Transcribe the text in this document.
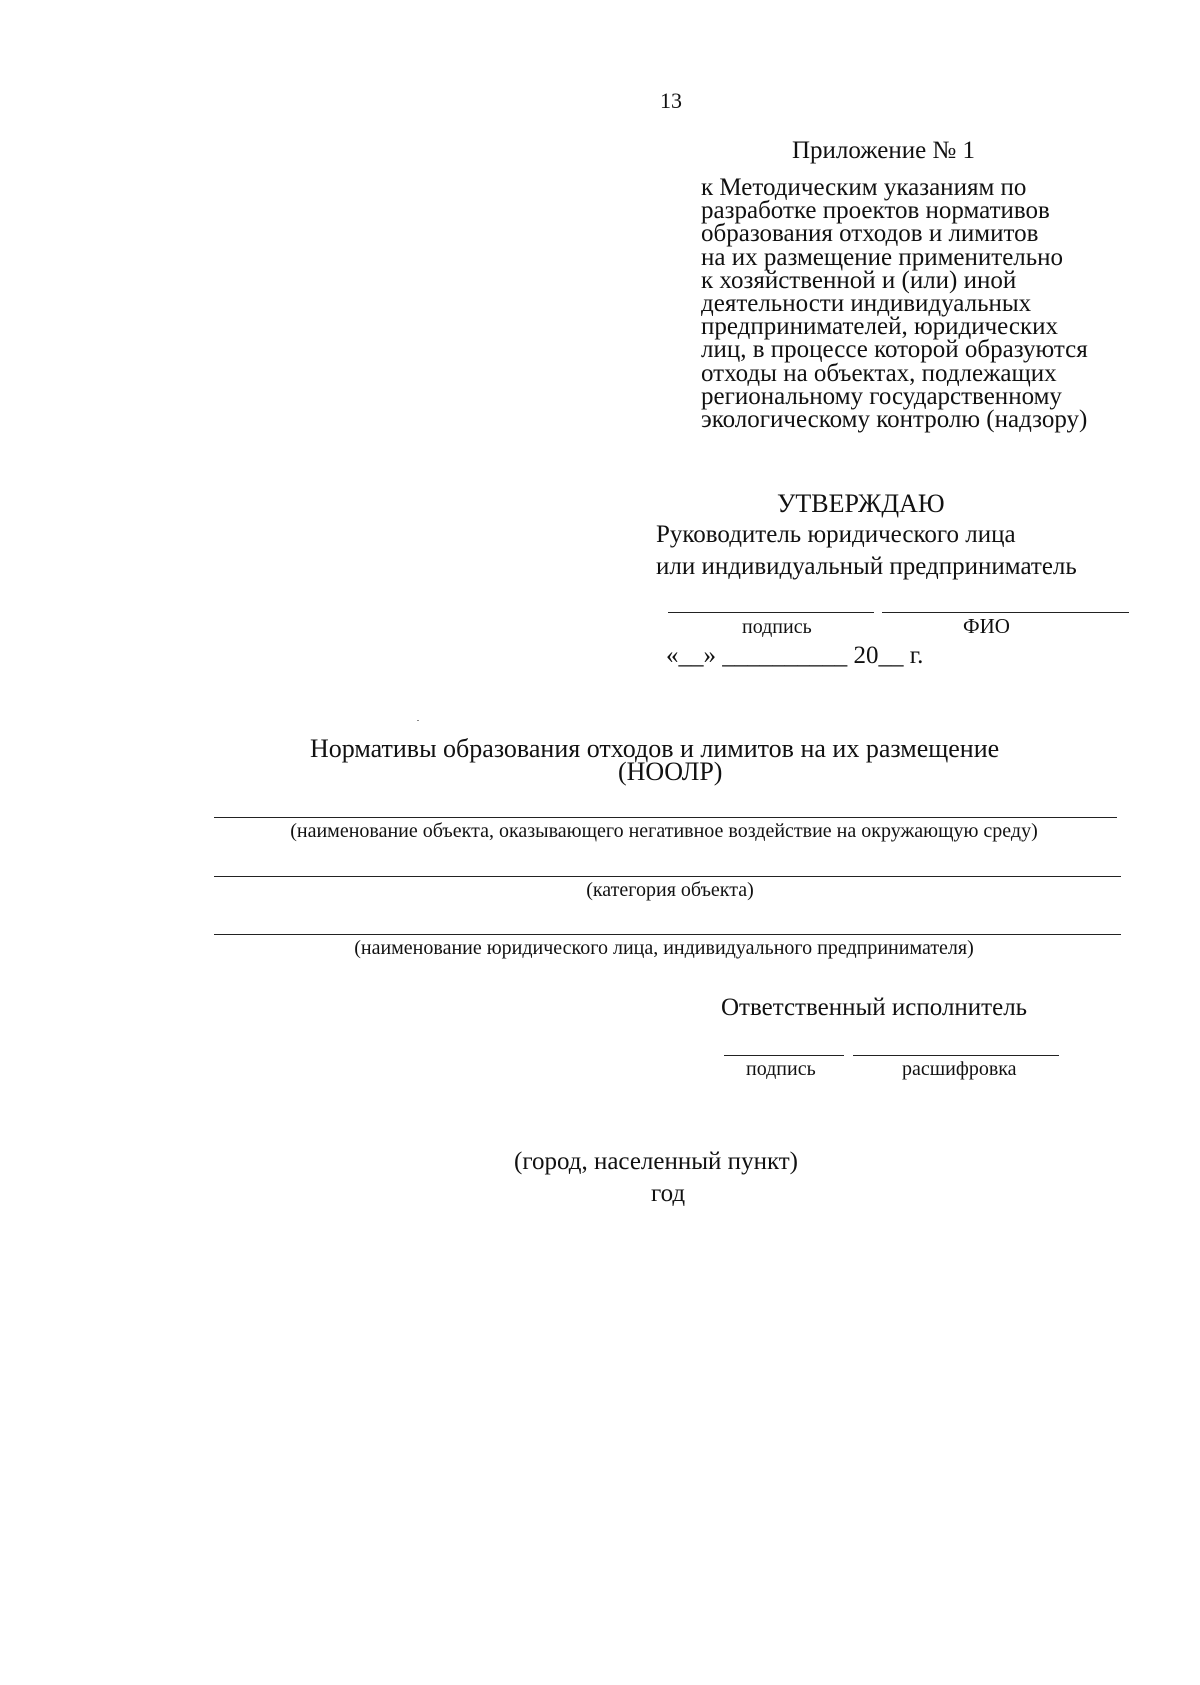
13
Приложение № 1
к Методическим указаниям по
разработке проектов нормативов
образования отходов и лимитов
на их размещение применительно
к хозяйственной и (или) иной
деятельности индивидуальных
предпринимателей, юридических
лиц, в процессе которой образуются
отходы на объектах, подлежащих
региональному государственному
экологическому контролю (надзору)
УТВЕРЖДАЮ
Руководитель юридического лица
или индивидуальный предприниматель
подпись	ФИО
«__» __________ 20__ г.
Нормативы образования отходов и лимитов на их размещение
(НООЛР)
(наименование объекта, оказывающего негативное воздействие на окружающую среду)
(категория объекта)
(наименование юридического лица, индивидуального предпринимателя)
Ответственный исполнитель
подпись	расшифровка
(город, населенный пункт)
год
